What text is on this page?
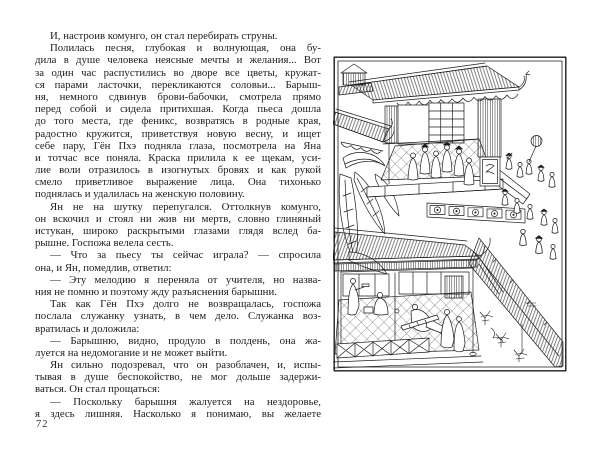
И, настроив комунго, он стал перебирать струны.
Полилась песня, глубокая и волнующая, она бу-
дила в душе человека неясные мечты и желания... Вот
за один час распустились во дворе все цветы, кружат-
ся парами ласточки, перекликаются соловьи... Барыш-
ня, немного сдвинув брови-бабочки, смотрела прямо
перед собой и сидела притихшая. Когда пьеса дошла
до того места, где феникс, возвратясь в родные края,
радостно кружится, приветствуя новую весну, и ищет
себе пару, Гён Пхэ подняла глаза, посмотрела на Яна
и тотчас все поняла. Краска прилила к ее щекам, уси-
лие воли отразилось в изогнутых бровях и как рукой
смело приветливое выражение лица. Она тихонько
поднялась и удалилась на женскую половину.
Ян не на шутку перепугался. Оттолкнув комунго,
он вскочил и стоял ни жив ни мертв, словно глиняный
истукан, широко раскрытыми глазами глядя вслед ба-
рышне. Госпожа велела сесть.
— Что за пьесу ты сейчас играла? — спросила
она, и Ян, помедлив, ответил:
— Эту мелодию я переняла от учителя, но назва-
ния не помню и поэтому жду разъяснения барышни.
Так как Гён Пхэ долго не возвращалась, госпожа
послала служанку узнать, в чем дело. Служанка воз-
вратилась и доложила:
— Барышню, видно, продуло в полдень, она жа-
луется на недомогание и не может выйти.
Ян сильно подозревал, что он разоблачен, и, испы-
тывая в душе беспокойство, не мог дольше задержи-
ваться. Он стал прощаться:
— Поскольку барышня жалуется на нездоровье,
я здесь лишняя. Насколько я понимаю, вы желаете
72
